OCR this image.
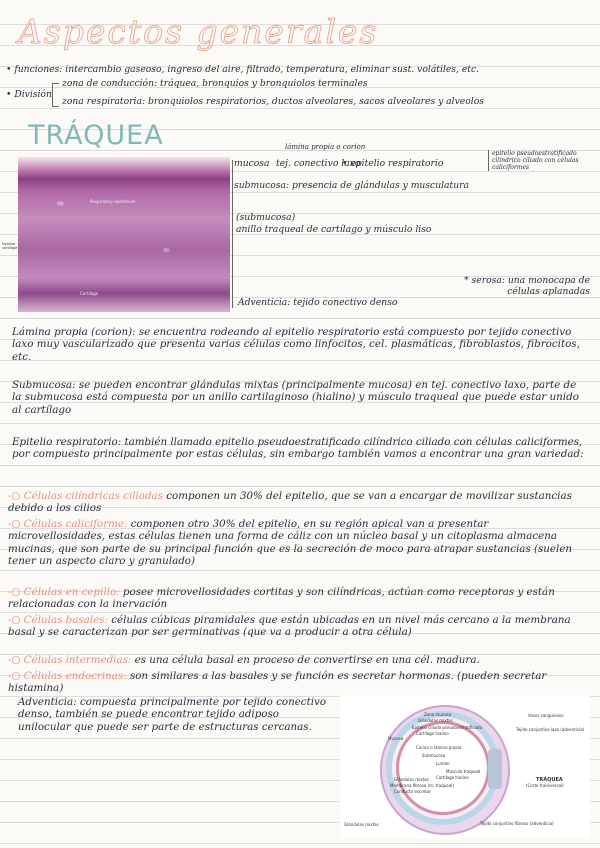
Aspectos generales
• funciones: intercambio gaseoso, ingreso del aire, filtrado, temperatura, eliminar sust. volátiles, etc.
• División
zona de conducción: tráquea, bronquios y bronquiolos terminales
zona respiratoria: bronquiolos respiratorios, ductos alveolares, sacos alveolares y alveolos
TRÁQUEA
Respiratory epithelium
Cartilage
Hyaline cartilage
lámina propia o corion
mucosa tej. conectivo laxo
• epitelio respiratorio
epitelio pseudoestratificado cilíndrico ciliado con células caliciformes
submucosa: presencia de glándulas y musculatura
(submucosa)
anillo traqueal de cartílago y músculo liso
* serosa: una monocapa de células aplanadas
Adventicia: tejido conectivo denso
Lámina propia (corion): se encuentra rodeando al epitelio respiratorio está compuesto por tejido conectivo laxo muy vascularizado que presenta varias células como linfocitos, cel. plasmáticas, fibroblastos, fibrocitos, etc.
Submucosa: se pueden encontrar glándulas mixtas (principalmente mucosa) en tej. conectivo laxo, parte de la submucosa está compuesta por un anillo cartilaginoso (hialino) y músculo traqueal que puede estar unido al cartílago
Epitelio respiratorio: también llamado epitelio pseudoestratificado cilíndrico ciliado con células caliciformes, por compuesto principalmente por estas células, sin embargo también vamos a encontrar una gran variedad:
-○ Células cilíndricas ciliadas componen un 30% del epitelio, que se van a encargar de movilizar sustancias debido a los cilios
-○ Células caliciforme: componen otro 30% del epitelio, en su región apical van a presentar microvellosidades, estas células tienen una forma de cáliz con un núcleo basal y un citoplasma almacena mucinas, que son parte de su principal función que es la secreción de moco para atrapar sustancias (suelen tener un aspecto claro y granulado)
-○ Células en cepillo: posee microvellosidades cortitas y son cilíndricas, actúan como receptoras y están relacionadas con la inervación
-○ Células basales: células cúbicas piramidales que están ubicadas en un nivel más cercano a la membrana basal y se caracterizan por ser germinativas (que va a producir a otra célula)
-○ Células intermedias: es una célula basal en proceso de convertirse en una cél. madura.
-○ Células endocrinas: son similares a las basales y se función es secretar hormonas. (pueden secretar histamina)
Adventicia: compuesta principalmente por tejido conectivo denso, también se puede encontrar tejido adiposo unilocular que puede ser parte de estructuras cercanas.
Zona mucosa
Glándulas mixtas
Mucosa
Epitelio ciliado pseudoestratificado
Cartílago hialino
Corion o lámina propia
Lumen
Submucosa
Glándulas mixtas
Músculo traqueal
Cartílago hialino
Glándulas mixtas
Vasos sanguíneos
Tejido conjuntivo laxo (adventicia)
Tejido conjuntivo fibroso (adventicia)
TRÁQUEA
(Corte transversal)
Membrana fibrosa (m. traqueal)
Conducto excretor
